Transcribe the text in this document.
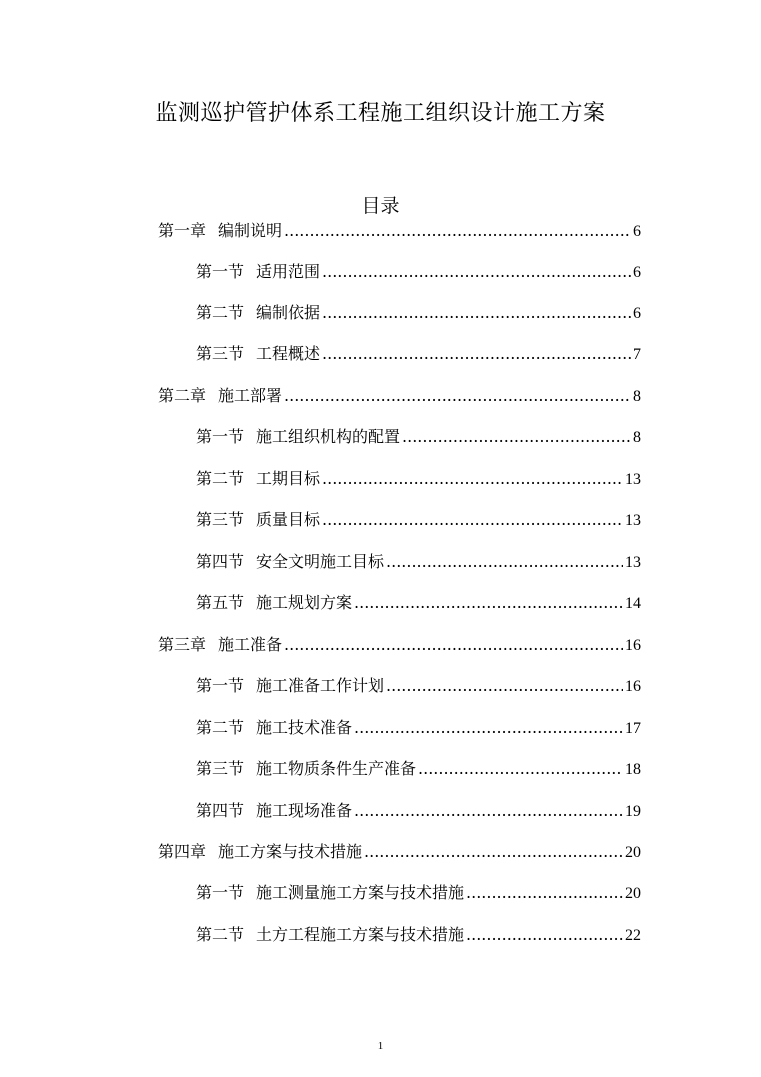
监测巡护管护体系工程施工组织设计施工方案
目录
第一章 编制说明 .....	6
第一节 适用范围 .....	6
第二节 编制依据 .....	6
第三节 工程概述 .....	7
第二章 施工部署 .....	8
第一节 施工组织机构的配置 .....	8
第二节 工期目标 .....	13
第三节 质量目标 .....	13
第四节 安全文明施工目标 .....	13
第五节 施工规划方案 .....	14
第三章 施工准备 .....	16
第一节 施工准备工作计划 .....	16
第二节 施工技术准备 .....	17
第三节 施工物质条件生产准备 .....	18
第四节 施工现场准备 .....	19
第四章 施工方案与技术措施 .....	20
第一节 施工测量施工方案与技术措施 .....	20
第二节 土方工程施工方案与技术措施 .....	22
1
